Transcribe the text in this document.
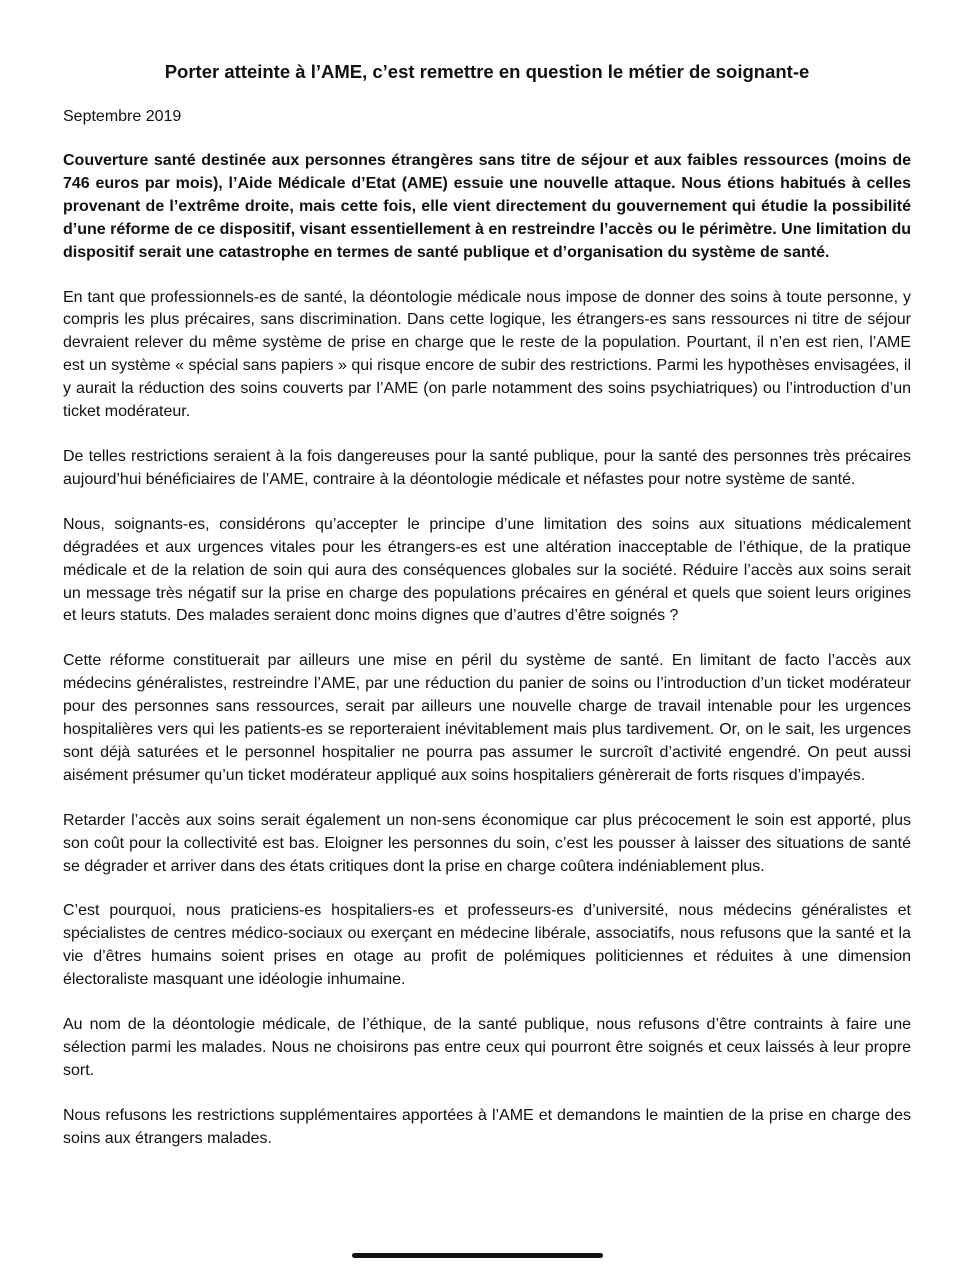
Porter atteinte à l’AME, c’est remettre en question le métier de soignant-e

Septembre 2019

Couverture santé destinée aux personnes étrangères sans titre de séjour et aux faibles ressources (moins de 746 euros par mois), l’Aide Médicale d’Etat (AME) essuie une nouvelle attaque. Nous étions habitués à celles provenant de l’extrême droite, mais cette fois, elle vient directement du gouvernement qui étudie la possibilité d’une réforme de ce dispositif, visant essentiellement à en restreindre l’accès ou le périmètre. Une limitation du dispositif serait une catastrophe en termes de santé publique et d’organisation du système de santé.

En tant que professionnels-es de santé, la déontologie médicale nous impose de donner des soins à toute personne, y compris les plus précaires, sans discrimination. Dans cette logique, les étrangers-es sans ressources ni titre de séjour devraient relever du même système de prise en charge que le reste de la population. Pourtant, il n’en est rien, l’AME est un système « spécial sans papiers » qui risque encore de subir des restrictions. Parmi les hypothèses envisagées, il y aurait la réduction des soins couverts par l’AME (on parle notamment des soins psychiatriques) ou l’introduction d’un ticket modérateur.

De telles restrictions seraient à la fois dangereuses pour la santé publique, pour la santé des personnes très précaires aujourd’hui bénéficiaires de l’AME, contraire à la déontologie médicale et néfastes pour notre système de santé.

Nous, soignants-es, considérons qu’accepter le principe d’une limitation des soins aux situations médicalement dégradées et aux urgences vitales pour les étrangers-es est une altération inacceptable de l’éthique, de la pratique médicale et de la relation de soin qui aura des conséquences globales sur la société. Réduire l’accès aux soins serait un message très négatif sur la prise en charge des populations précaires en général et quels que soient leurs origines et leurs statuts. Des malades seraient donc moins dignes que d’autres d’être soignés ?

Cette réforme constituerait par ailleurs une mise en péril du système de santé. En limitant de facto l’accès aux médecins généralistes, restreindre l’AME, par une réduction du panier de soins ou l’introduction d’un ticket modérateur pour des personnes sans ressources, serait par ailleurs une nouvelle charge de travail intenable pour les urgences hospitalières vers qui les patients-es se reporteraient inévitablement mais plus tardivement. Or, on le sait, les urgences sont déjà saturées et le personnel hospitalier ne pourra pas assumer le surcroît d’activité engendré. On peut aussi aisément présumer qu’un ticket modérateur appliqué aux soins hospitaliers génèrerait de forts risques d’impayés.

Retarder l’accès aux soins serait également un non-sens économique car plus précocement le soin est apporté, plus son coût pour la collectivité est bas. Eloigner les personnes du soin, c’est les pousser à laisser des situations de santé se dégrader et arriver dans des états critiques dont la prise en charge coûtera indéniablement plus.

C’est pourquoi, nous praticiens-es hospitaliers-es et professeurs-es d’université, nous médecins généralistes et spécialistes de centres médico-sociaux ou exerçant en médecine libérale, associatifs, nous refusons que la santé et la vie d’êtres humains soient prises en otage au profit de polémiques politiciennes et réduites à une dimension électoraliste masquant une idéologie inhumaine.

Au nom de la déontologie médicale, de l’éthique, de la santé publique, nous refusons d’être contraints à faire une sélection parmi les malades. Nous ne choisirons pas entre ceux qui pourront être soignés et ceux laissés à leur propre sort.

Nous refusons les restrictions supplémentaires apportées à l’AME et demandons le maintien de la prise en charge des soins aux étrangers malades.
